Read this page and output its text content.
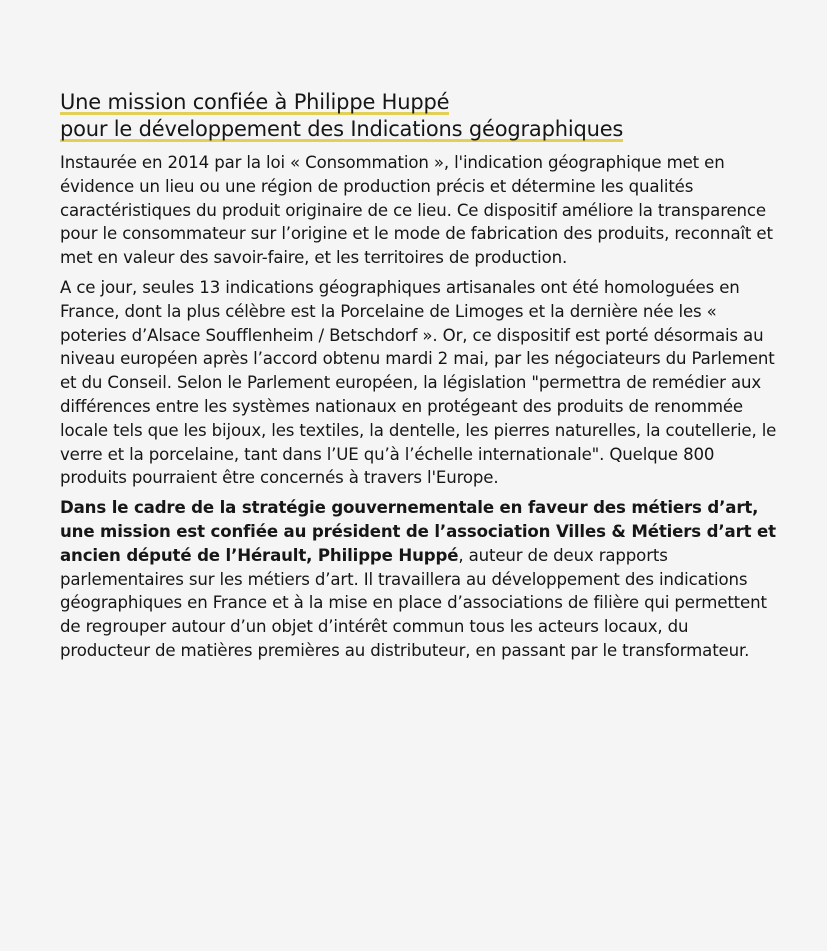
Une mission confiée à Philippe Huppé
pour le développement des Indications géographiques

Instaurée en 2014 par la loi « Consommation », l'indication géographique met en évidence un lieu ou une région de production précis et détermine les qualités caractéristiques du produit originaire de ce lieu. Ce dispositif améliore la transparence pour le consommateur sur l’origine et le mode de fabrication des produits, reconnaît et met en valeur des savoir-faire, et les territoires de production.

A ce jour, seules 13 indications géographiques artisanales ont été homologuées en France, dont la plus célèbre est la Porcelaine de Limoges et la dernière née les « poteries d’Alsace Soufflenheim / Betschdorf ». Or, ce dispositif est porté désormais au niveau européen après l’accord obtenu mardi 2 mai, par les négociateurs du Parlement et du Conseil. Selon le Parlement européen, la législation "permettra de remédier aux différences entre les systèmes nationaux en protégeant des produits de renommée locale tels que les bijoux, les textiles, la dentelle, les pierres naturelles, la coutellerie, le verre et la porcelaine, tant dans l’UE qu’à l’échelle internationale". Quelque 800 produits pourraient être concernés à travers l'Europe.

Dans le cadre de la stratégie gouvernementale en faveur des métiers d’art, une mission est confiée au président de l’association Villes & Métiers d’art et ancien député de l’Hérault, Philippe Huppé, auteur de deux rapports parlementaires sur les métiers d’art. Il travaillera au développement des indications géographiques en France et à la mise en place d’associations de filière qui permettent de regrouper autour d’un objet d’intérêt commun tous les acteurs locaux, du producteur de matières premières au distributeur, en passant par le transformateur.
